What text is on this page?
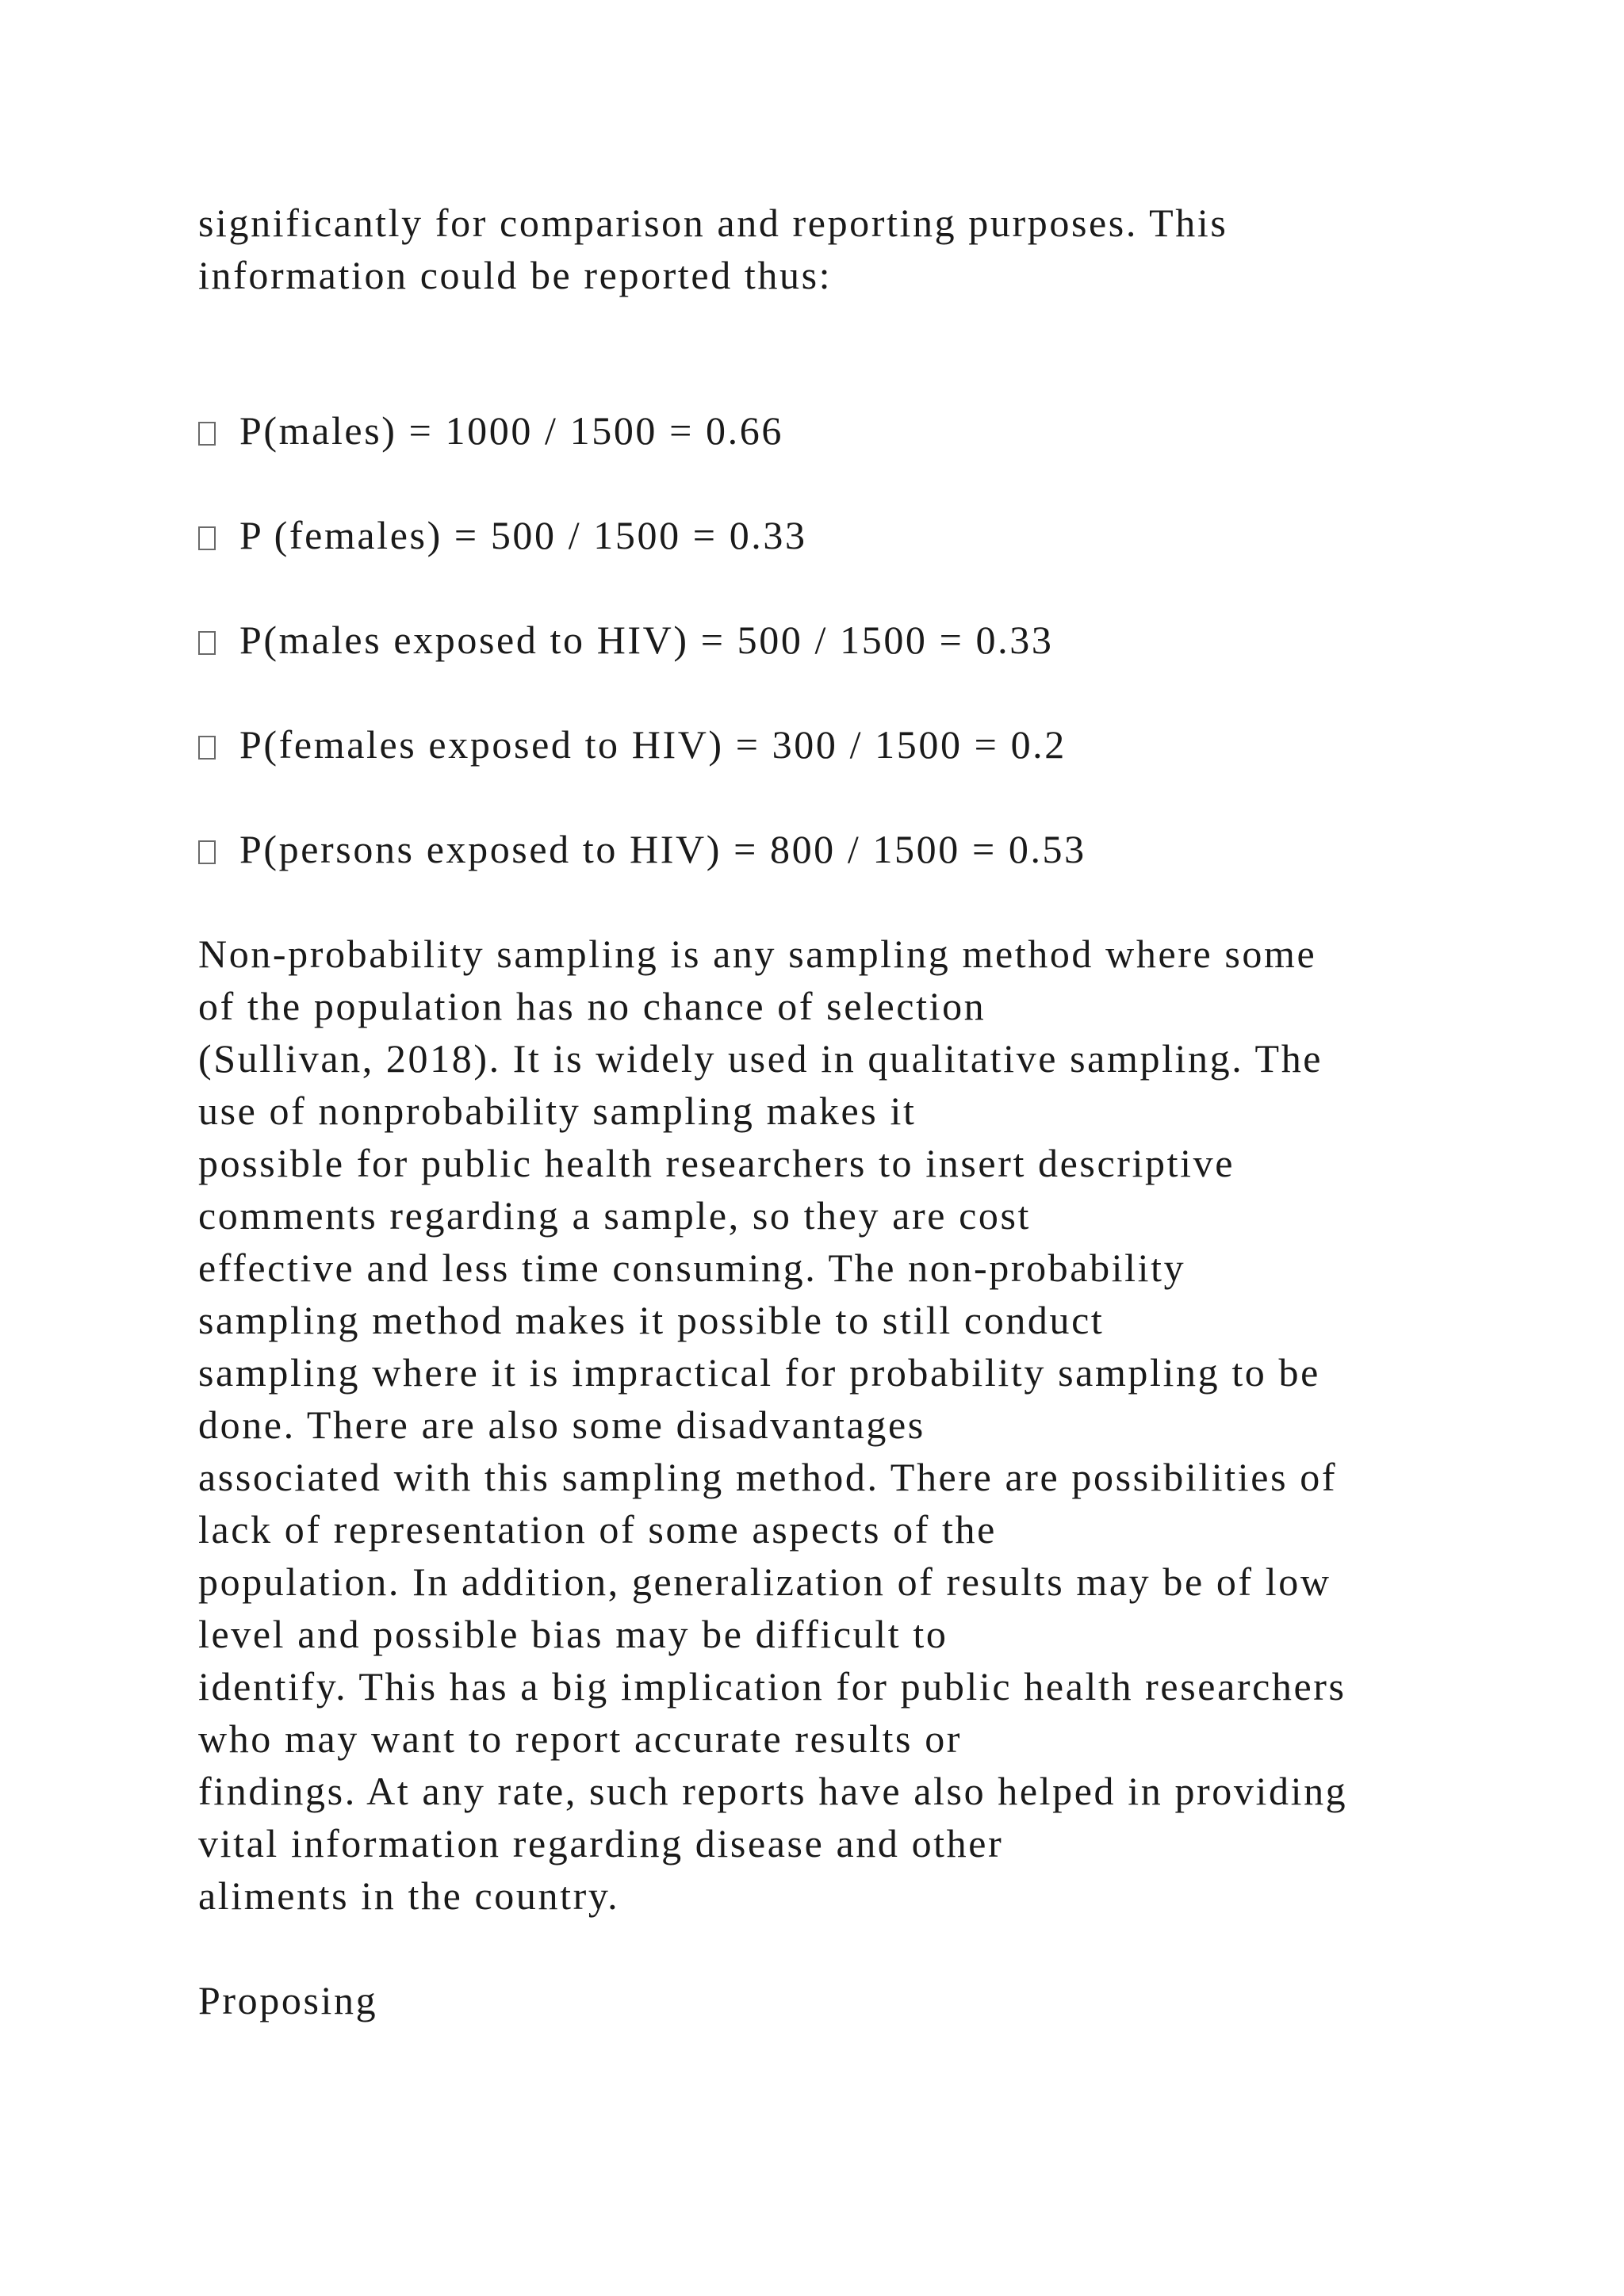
significantly for comparison and reporting purposes. This
information could be reported thus:
P(males) = 1000 / 1500 = 0.66
P (females) = 500 / 1500 = 0.33
P(males exposed to HIV) = 500 / 1500 = 0.33
P(females exposed to HIV) = 300 / 1500 = 0.2
P(persons exposed to HIV) = 800 / 1500 = 0.53
Non-probability sampling is any sampling method where some
of the population has no chance of selection
(Sullivan, 2018). It is widely used in qualitative sampling. The
use of nonprobability sampling makes it
possible for public health researchers to insert descriptive
comments regarding a sample, so they are cost
effective and less time consuming. The non-probability
sampling method makes it possible to still conduct
sampling where it is impractical for probability sampling to be
done. There are also some disadvantages
associated with this sampling method. There are possibilities of
lack of representation of some aspects of the
population. In addition, generalization of results may be of low
level and possible bias may be difficult to
identify. This has a big implication for public health researchers
who may want to report accurate results or
findings. At any rate, such reports have also helped in providing
vital information regarding disease and other
aliments in the country.
Proposing
